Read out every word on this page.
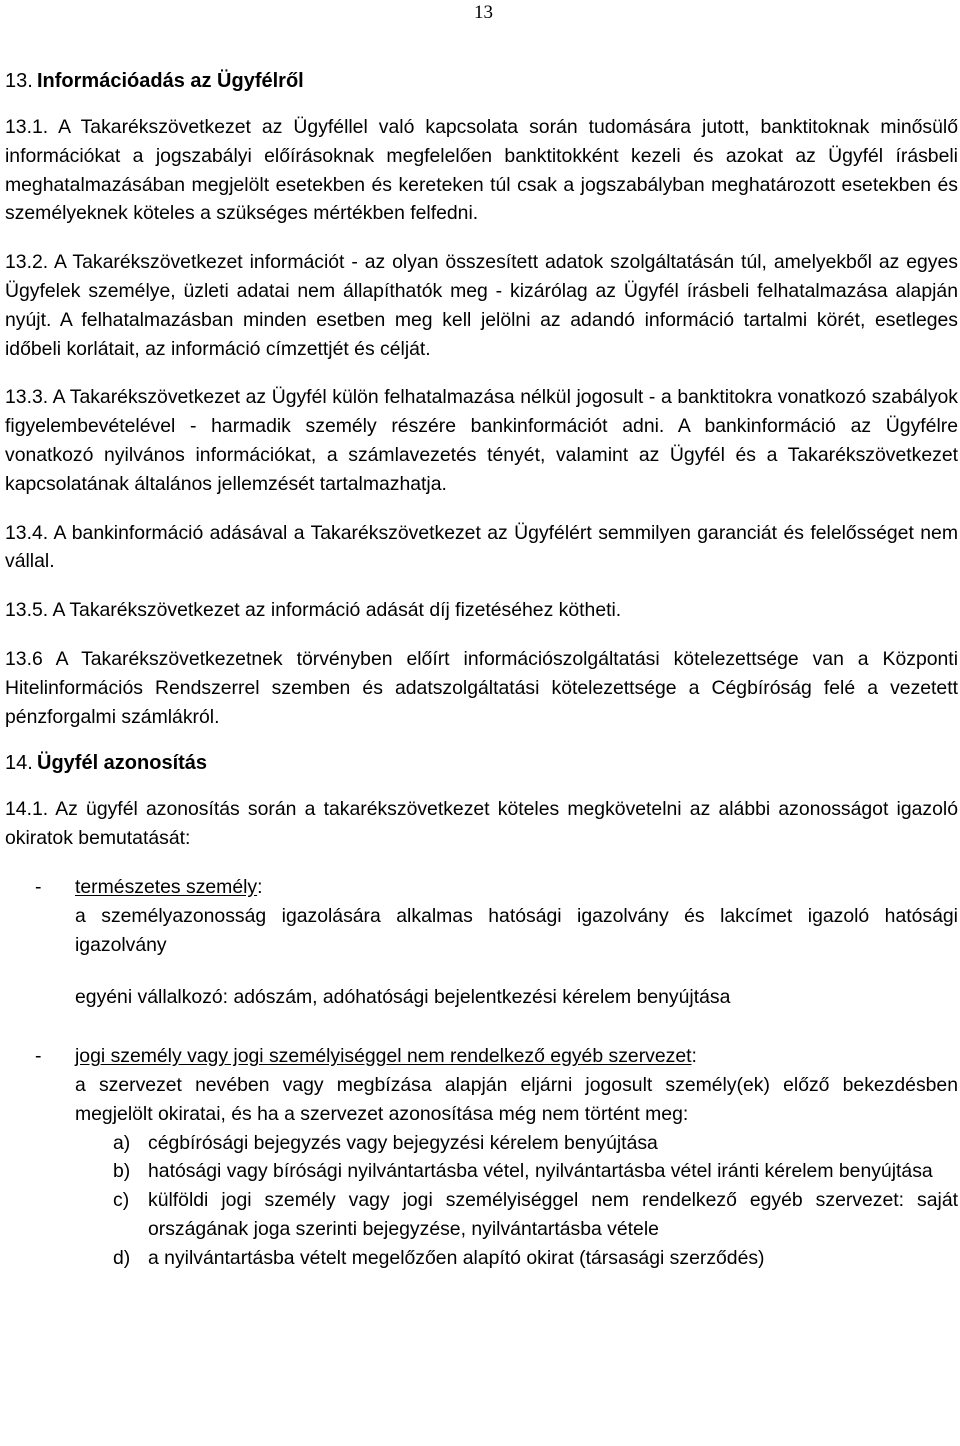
13
13. Információadás az Ügyfélről

13.1. A Takarékszövetkezet az Ügyféllel való kapcsolata során tudomására jutott, banktitoknak minősülő információkat a jogszabályi előírásoknak megfelelően banktitokként kezeli és azokat az Ügyfél írásbeli meghatalmazásában megjelölt esetekben és kereteken túl csak a jogszabályban meghatározott esetekben és személyeknek köteles a szükséges mértékben felfedni.

13.2. A Takarékszövetkezet információt - az olyan összesített adatok szolgáltatásán túl, amelyekből az egyes Ügyfelek személye, üzleti adatai nem állapíthatók meg - kizárólag az Ügyfél írásbeli felhatalmazása alapján nyújt. A felhatalmazásban minden esetben meg kell jelölni az adandó információ tartalmi körét, esetleges időbeli korlátait, az információ címzettjét és célját.

13.3. A Takarékszövetkezet az Ügyfél külön felhatalmazása nélkül jogosult - a banktitokra vonatkozó szabályok figyelembevételével - harmadik személy részére bankinformációt adni. A bankinformáció az Ügyfélre vonatkozó nyilvános információkat, a számlavezetés tényét, valamint az Ügyfél és a Takarékszövetkezet kapcsolatának általános jellemzését tartalmazhatja.

13.4. A bankinformáció adásával a Takarékszövetkezet az Ügyfélért semmilyen garanciát és felelősséget nem vállal.

13.5. A Takarékszövetkezet az információ adását díj fizetéséhez kötheti.

13.6 A Takarékszövetkezetnek törvényben előírt információszolgáltatási kötelezettsége van a Központi Hitelinformációs Rendszerrel szemben és adatszolgáltatási kötelezettsége a Cégbíróság felé a vezetett pénzforgalmi számlákról.

14. Ügyfél azonosítás

14.1. Az ügyfél azonosítás során a takarékszövetkezet köteles megkövetelni az alábbi azonosságot igazoló okiratok bemutatását:

- természetes személy:

a személyazonosság igazolására alkalmas hatósági igazolvány és lakcímet igazoló hatósági igazolvány

egyéni vállalkozó: adószám, adóhatósági bejelentkezési kérelem benyújtása

- jogi személy vagy jogi személyiséggel nem rendelkező egyéb szervezet:

a szervezet nevében vagy megbízása alapján eljárni jogosult személy(ek) előző bekezdésben megjelölt okiratai, és ha a szervezet azonosítása még nem történt meg:

a) cégbírósági bejegyzés vagy bejegyzési kérelem benyújtása
b) hatósági vagy bírósági nyilvántartásba vétel, nyilvántartásba vétel iránti kérelem benyújtása
c) külföldi jogi személy vagy jogi személyiséggel nem rendelkező egyéb szervezet: saját országának joga szerinti bejegyzése, nyilvántartásba vétele
d) a nyilvántartásba vételt megelőzően alapító okirat (társasági szerződés)
